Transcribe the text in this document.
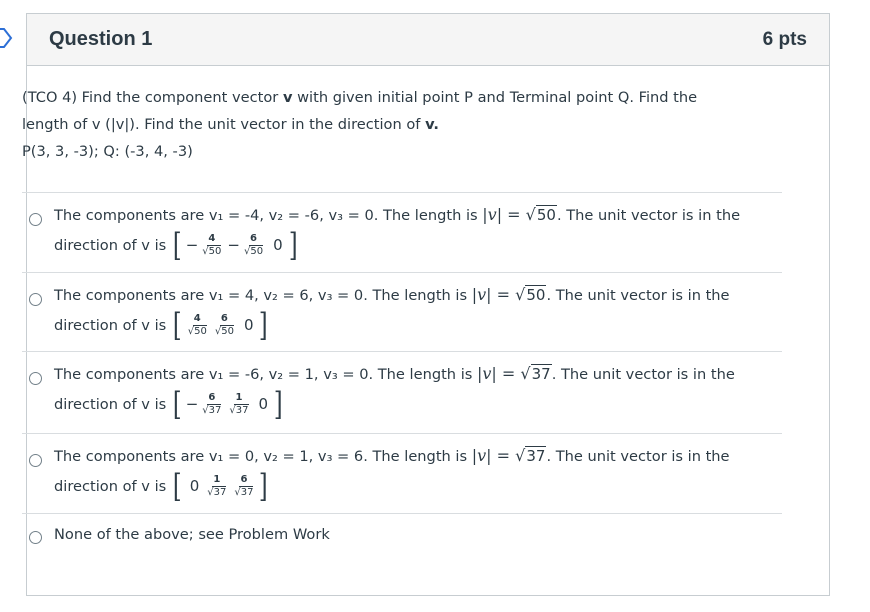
Question 1	6 pts
(TCO 4) Find the component vector v with given initial point P and Terminal point Q. Find the
length of v (|v|). Find the unit vector in the direction of v.
P(3, 3, -3); Q: (-3, 4, -3)
The components are v₁ = -4, v₂ = -6, v₃ = 0. The length is |v| = √50. The unit vector is in the
direction of v is [ − $\frac{4}{√50} - \frac{6}{√50} 0$ ]
The components are v₁ = 4, v₂ = 6, v₃ = 0. The length is |v| = √50. The unit vector is in the
direction of v is [ $\frac{4}{√50} \frac{6}{√50} 0$ ]
The components are v₁ = -6, v₂ = 1, v₃ = 0. The length is |v| = √37. The unit vector is in the
direction of v is [ − $\frac{6}{√37} \frac{1}{√37} 0$ ]
The components are v₁ = 0, v₂ = 1, v₃ = 6. The length is |v| = √37. The unit vector is in the
direction of v is [ $0 \frac{1}{√37} \frac{6}{√37}$ ]
None of the above; see Problem Work
